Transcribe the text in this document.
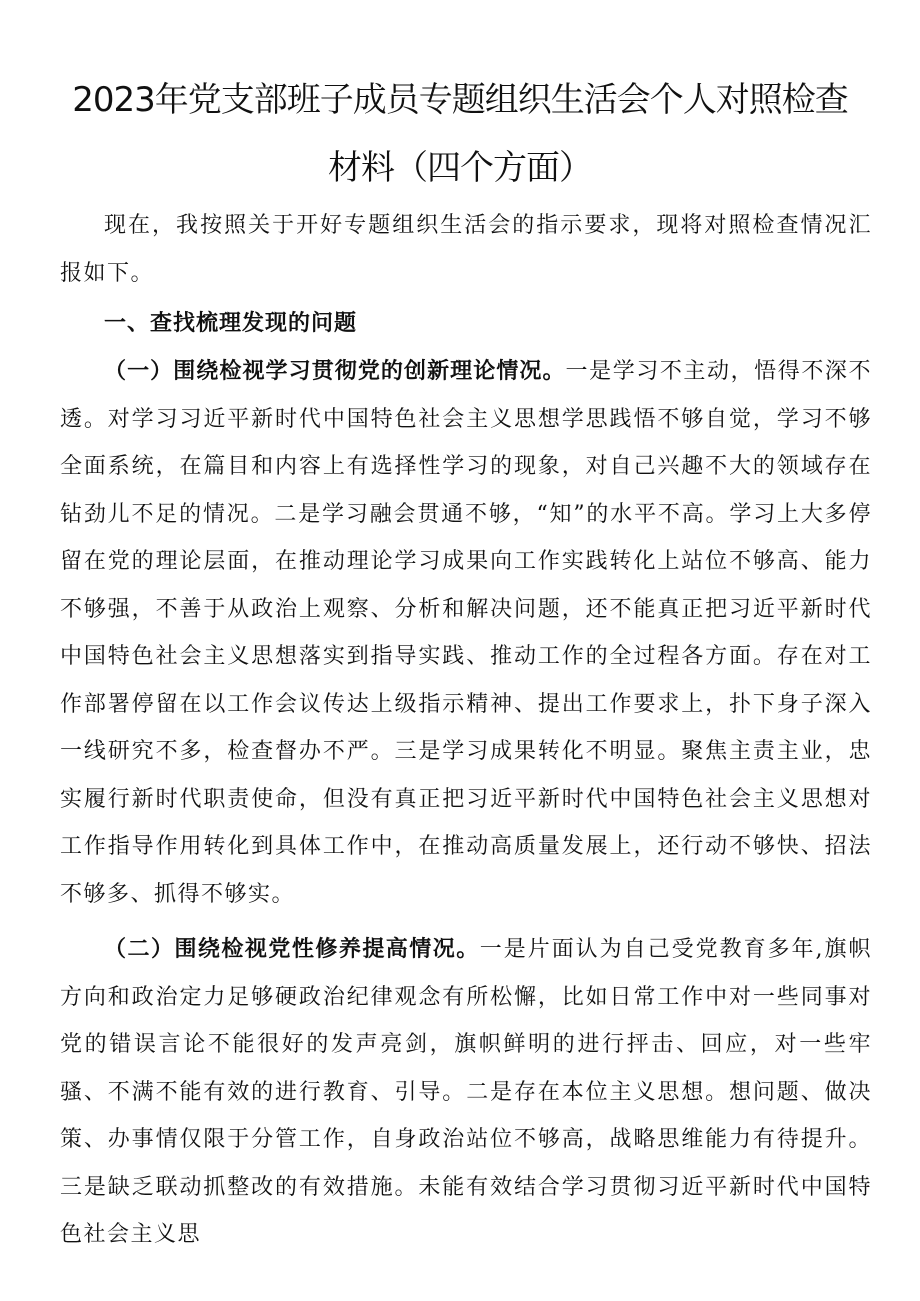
2023年党支部班子成员专题组织生活会个人对照检查
材料（四个方面）

现在，我按照关于开好专题组织生活会的指示要求，现将对照检查情况汇报如下。

一、查找梳理发现的问题

（一）围绕检视学习贯彻党的创新理论情况。一是学习不主动，悟得不深不透。对学习习近平新时代中国特色社会主义思想学思践悟不够自觉，学习不够全面系统，在篇目和内容上有选择性学习的现象，对自己兴趣不大的领域存在钻劲儿不足的情况。二是学习融会贯通不够，“知”的水平不高。学习上大多停留在党的理论层面，在推动理论学习成果向工作实践转化上站位不够高、能力不够强，不善于从政治上观察、分析和解决问题，还不能真正把习近平新时代中国特色社会主义思想落实到指导实践、推动工作的全过程各方面。存在对工作部署停留在以工作会议传达上级指示精神、提出工作要求上，扑下身子深入一线研究不多，检查督办不严。三是学习成果转化不明显。聚焦主责主业，忠实履行新时代职责使命，但没有真正把习近平新时代中国特色社会主义思想对工作指导作用转化到具体工作中，在推动高质量发展上，还行动不够快、招法不够多、抓得不够实。

（二）围绕检视党性修养提高情况。一是片面认为自己受党教育多年,旗帜方向和政治定力足够硬政治纪律观念有所松懈，比如日常工作中对一些同事对党的错误言论不能很好的发声亮剑，旗帜鲜明的进行抨击、回应，对一些牢骚、不满不能有效的进行教育、引导。二是存在本位主义思想。想问题、做决策、办事情仅限于分管工作，自身政治站位不够高，战略思维能力有待提升。三是缺乏联动抓整改的有效措施。未能有效结合学习贯彻习近平新时代中国特色社会主义思
